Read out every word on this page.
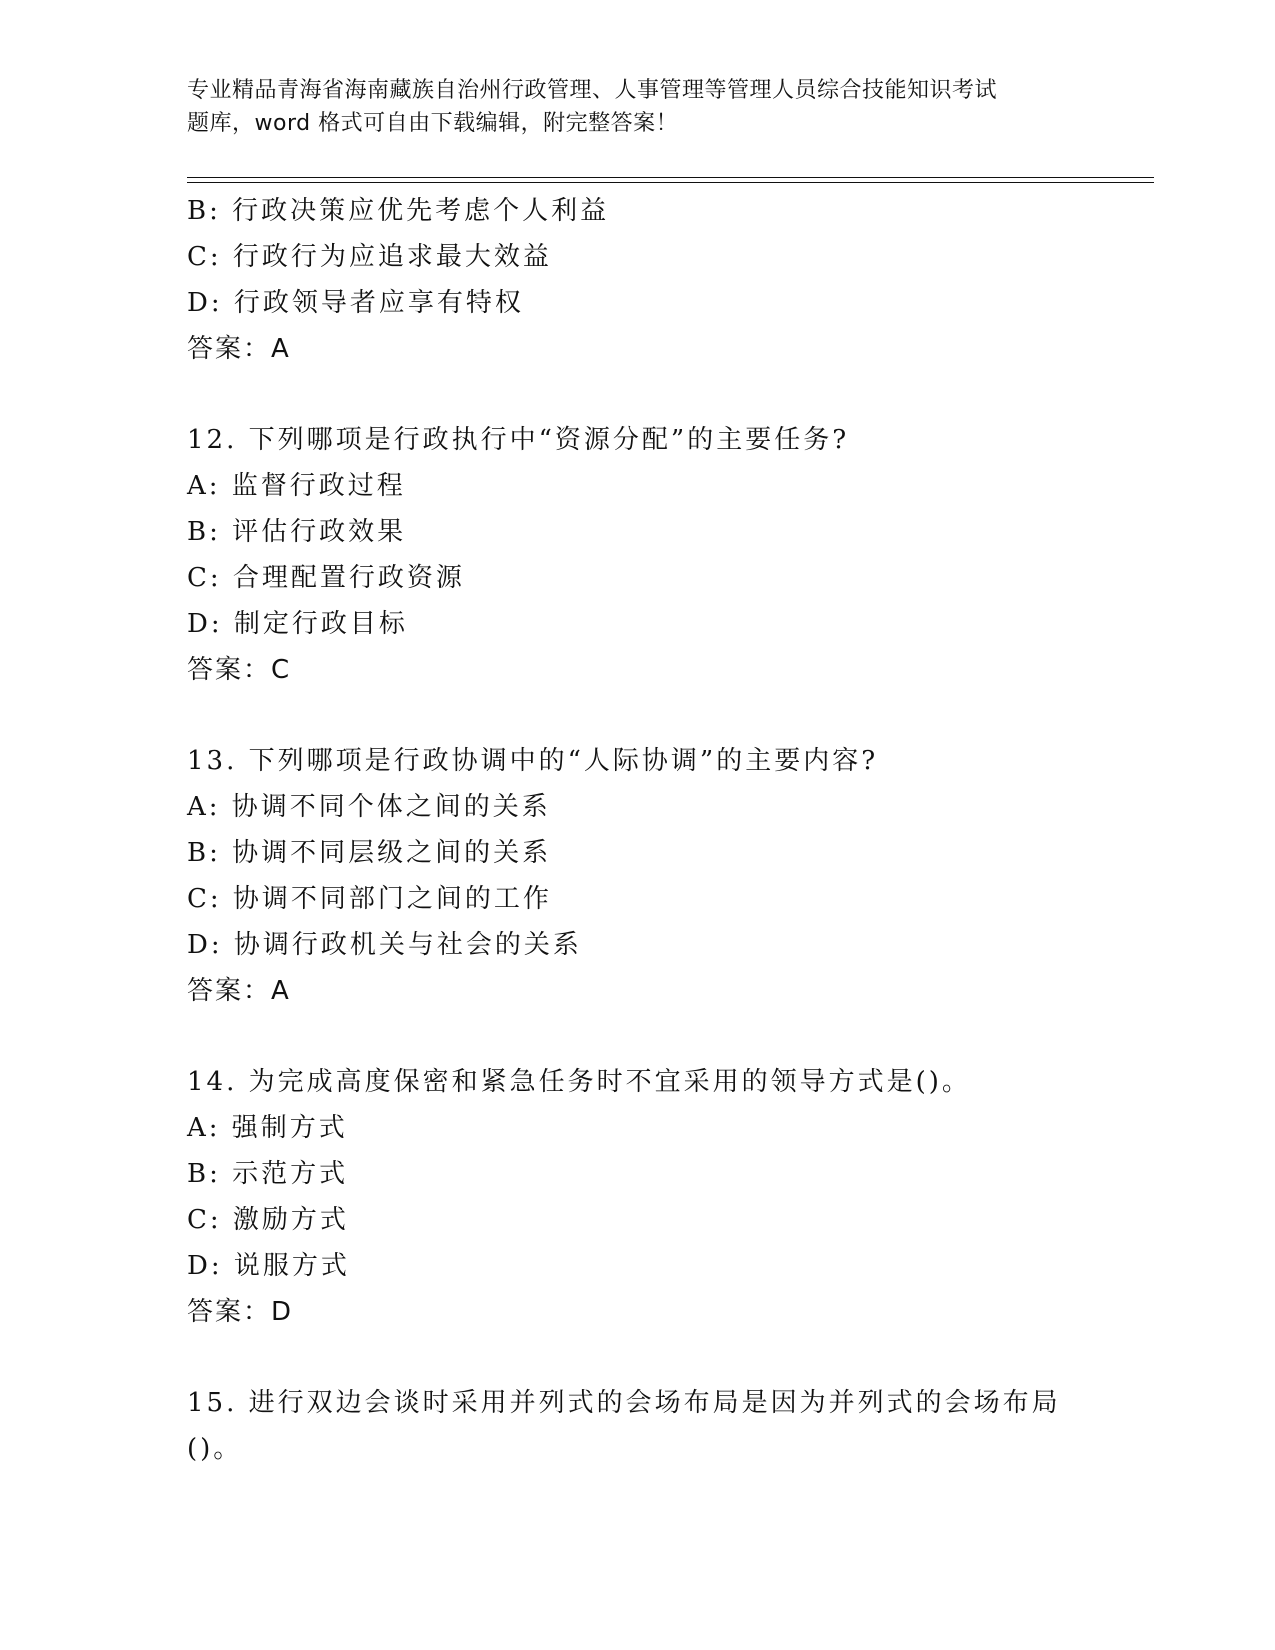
专业精品青海省海南藏族自治州行政管理、人事管理等管理人员综合技能知识考试
题库，word 格式可自由下载编辑，附完整答案！
B: 行政决策应优先考虑个人利益
C: 行政行为应追求最大效益
D: 行政领导者应享有特权
答案：A
12. 下列哪项是行政执行中“资源分配”的主要任务?
A: 监督行政过程
B: 评估行政效果
C: 合理配置行政资源
D: 制定行政目标
答案：C
13. 下列哪项是行政协调中的“人际协调”的主要内容?
A: 协调不同个体之间的关系
B: 协调不同层级之间的关系
C: 协调不同部门之间的工作
D: 协调行政机关与社会的关系
答案：A
14. 为完成高度保密和紧急任务时不宜采用的领导方式是()。
A: 强制方式
B: 示范方式
C: 激励方式
D: 说服方式
答案：D
15. 进行双边会谈时采用并列式的会场布局是因为并列式的会场布局
()。
